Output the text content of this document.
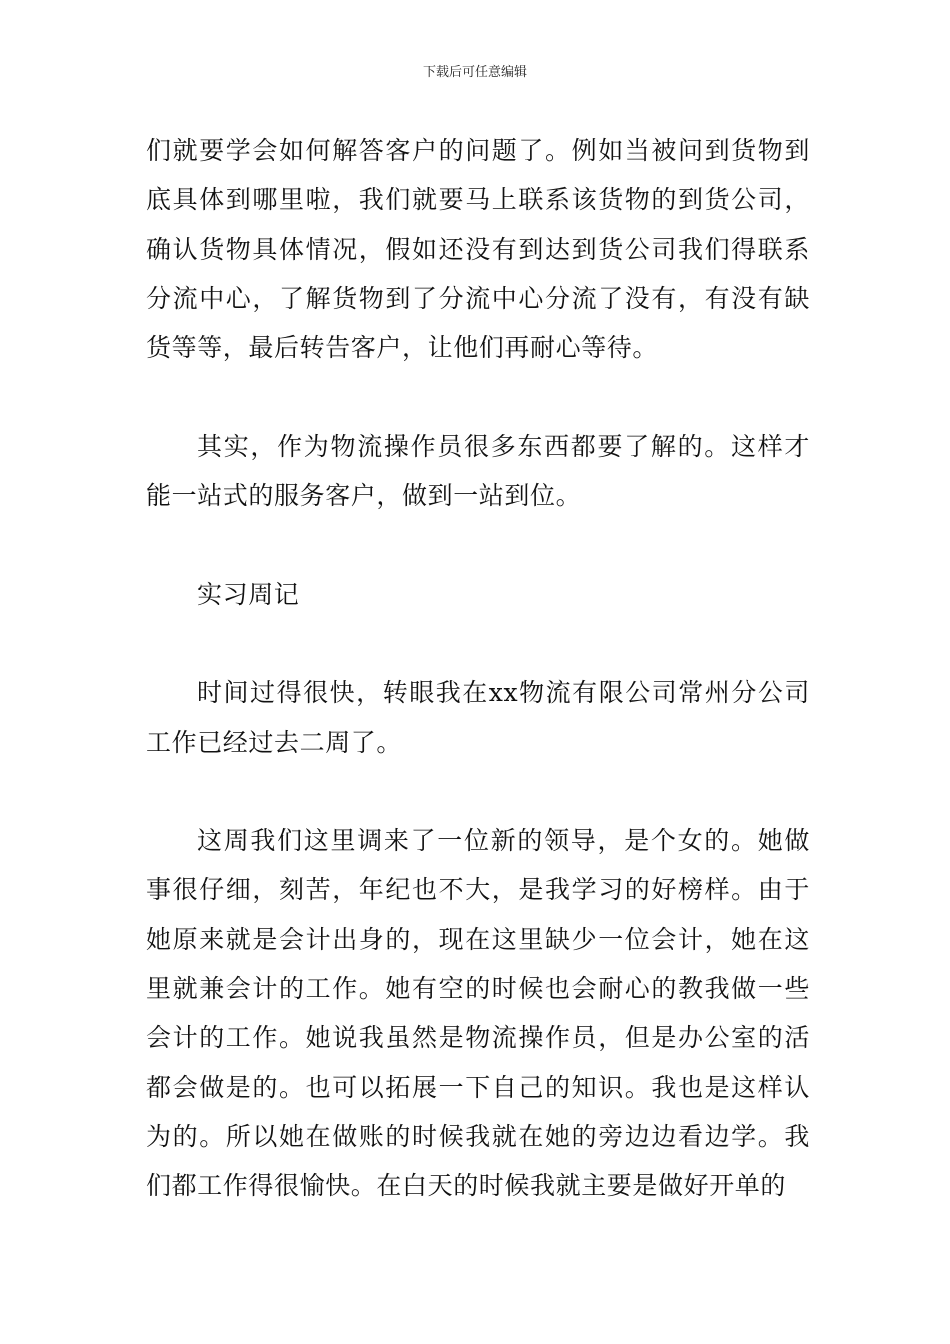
下载后可任意编辑

们就要学会如何解答客户的问题了。例如当被问到货物到底具体到哪里啦，我们就要马上联系该货物的到货公司，确认货物具体情况，假如还没有到达到货公司我们得联系分流中心，了解货物到了分流中心分流了没有，有没有缺货等等，最后转告客户，让他们再耐心等待。

其实，作为物流操作员很多东西都要了解的。这样才能一站式的服务客户，做到一站到位。

实习周记

时间过得很快，转眼我在xx物流有限公司常州分公司工作已经过去二周了。

这周我们这里调来了一位新的领导，是个女的。她做事很仔细，刻苦，年纪也不大，是我学习的好榜样。由于她原来就是会计出身的，现在这里缺少一位会计，她在这里就兼会计的工作。她有空的时候也会耐心的教我做一些会计的工作。她说我虽然是物流操作员，但是办公室的活都会做是的。也可以拓展一下自己的知识。我也是这样认为的。所以她在做账的时候我就在她的旁边边看边学。我们都工作得很愉快。在白天的时候我就主要是做好开单的
